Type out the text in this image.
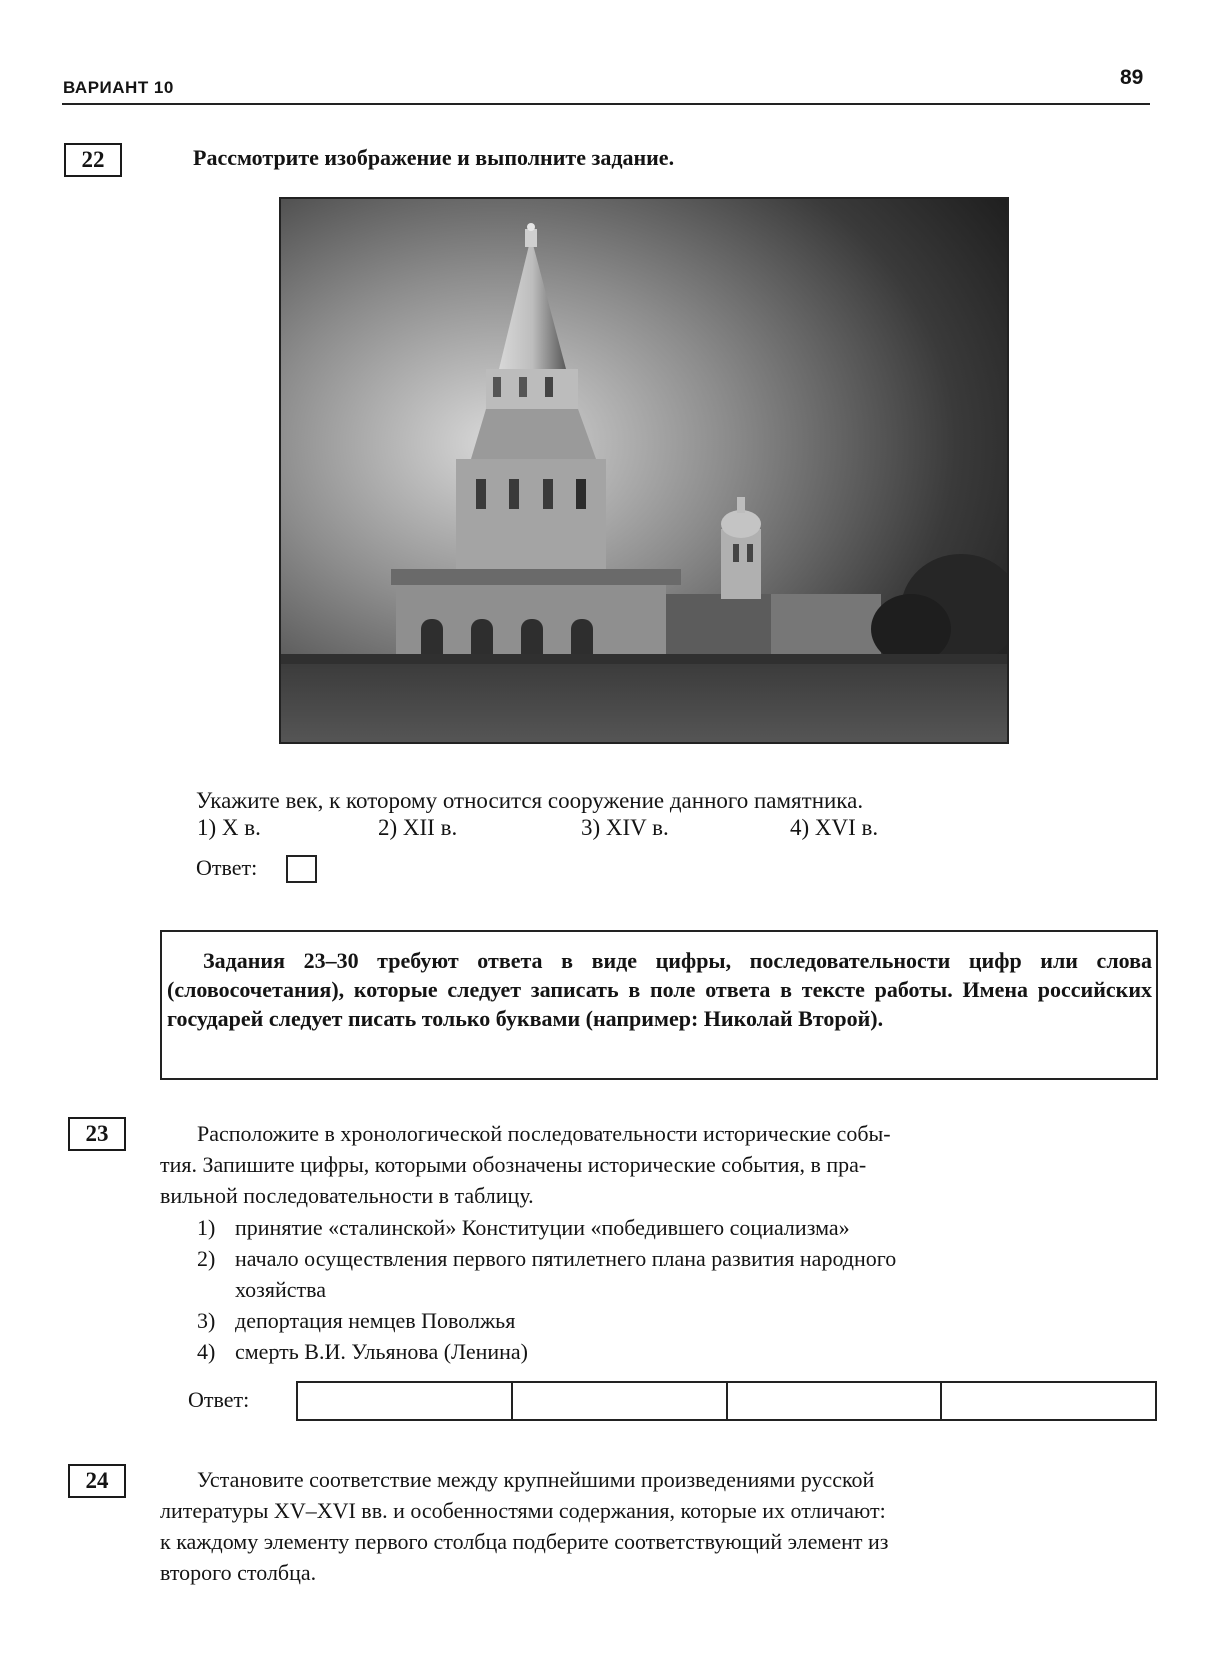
ВАРИАНТ 10	89
22	Рассмотрите изображение и выполните задание.
Укажите век, к которому относится сооружение данного памятника.
1) X в.	2) XII в.	3) XIV в.	4) XVI в.
Ответ:
Задания 23–30 требуют ответа в виде цифры, последовательности цифр или слова (словосочетания), которые следует записать в поле ответа в тексте работы. Имена российских государей следует писать только буквами (например: Николай Второй).
23	Расположите в хронологической последовательности исторические собы-
тия. Запишите цифры, которыми обозначены исторические события, в пра-
вильной последовательности в таблицу.
1) принятие «сталинской» Конституции «победившего социализма»
2) начало осуществления первого пятилетнего плана развития народного
хозяйства
3) депортация немцев Поволжья
4) смерть В.И. Ульянова (Ленина)
Ответ:
24	Установите соответствие между крупнейшими произведениями русской
литературы XV–XVI вв. и особенностями содержания, которые их отличают:
к каждому элементу первого столбца подберите соответствующий элемент из
второго столбца.
